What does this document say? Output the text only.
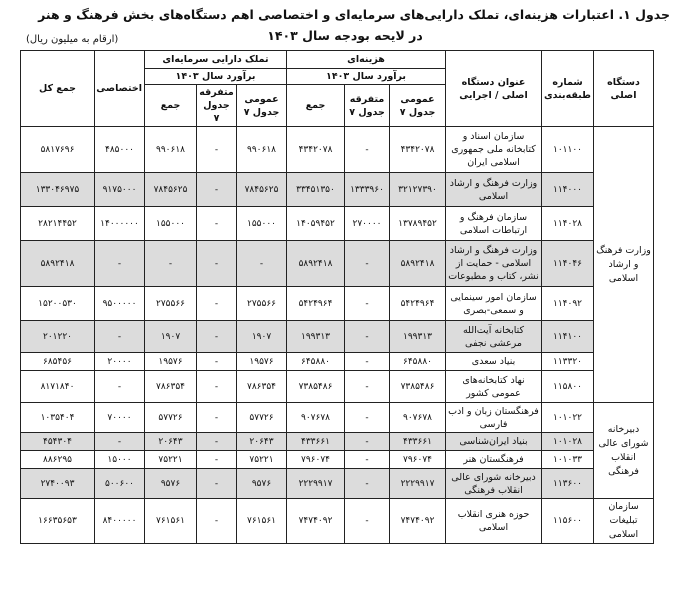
جدول ۱. اعتبارات هزینه‌ای، تملک دارایی‌های سرمایه‌ای و اختصاصی اهم دستگاه‌های بخش فرهنگ و هنر
در لایحه بودجه سال ۱۴۰۳
(ارقام به میلیون ریال)
دستگاه اصلی	شماره طبقه‌بندی	عنوان دستگاه اصلی / اجرایی	هزینه‌ای			تملک دارایی سرمایه‌ای			اختصاصی	جمع کل
			برآورد سال ۱۴۰۳			برآورد سال ۱۴۰۳				
			عمومی جدول ۷	متفرقه جدول ۷	جمع	عمومی جدول ۷	متفرقه جدول ۷	جمع		
وزارت فرهنگ و ارشاد اسلامی	۱۰۱۱۰۰	سازمان اسناد و کتابخانه ملی جمهوری اسلامی ایران	۴۳۴۲۰۷۸	-	۴۳۴۲۰۷۸	۹۹۰۶۱۸	-	۹۹۰۶۱۸	۴۸۵۰۰۰	۵۸۱۷۶۹۶
	۱۱۴۰۰۰	وزارت فرهنگ و ارشاد اسلامی	۳۲۱۲۷۳۹۰	۱۳۳۳۹۶۰	۳۳۴۵۱۳۵۰	۷۸۴۵۶۲۵	-	۷۸۴۵۶۲۵	۹۱۷۵۰۰۰	۱۳۳۰۴۶۹۷۵
	۱۱۴۰۲۸	سازمان فرهنگ و ارتباطات اسلامی	۱۳۷۸۹۴۵۲	۲۷۰۰۰۰	۱۴۰۵۹۴۵۲	۱۵۵۰۰۰	-	۱۵۵۰۰۰	۱۴۰۰۰۰۰۰	۲۸۲۱۴۴۵۲
	۱۱۴۰۴۶	وزارت فرهنگ و ارشاد اسلامی - حمایت از نشر، کتاب و مطبوعات	۵۸۹۲۴۱۸	-	۵۸۹۲۴۱۸	-	-	-	-	۵۸۹۲۴۱۸
	۱۱۴۰۹۲	سازمان امور سینمایی و سمعی-بصری	۵۴۲۴۹۶۴	-	۵۴۲۴۹۶۴	۲۷۵۵۶۶	-	۲۷۵۵۶۶	۹۵۰۰۰۰۰	۱۵۲۰۰۵۳۰
	۱۱۴۱۰۰	کتابخانه آیت‌الله مرعشی نجفی	۱۹۹۳۱۳	-	۱۹۹۳۱۳	۱۹۰۷	-	۱۹۰۷	-	۲۰۱۲۲۰
	۱۱۳۳۲۰	بنیاد سعدی	۶۴۵۸۸۰	-	۶۴۵۸۸۰	۱۹۵۷۶	-	۱۹۵۷۶	۲۰۰۰۰	۶۸۵۴۵۶
	۱۱۵۸۰۰	نهاد کتابخانه‌های عمومی کشور	۷۳۸۵۴۸۶	-	۷۳۸۵۴۸۶	۷۸۶۳۵۴	-	۷۸۶۳۵۴	-	۸۱۷۱۸۴۰
دبیرخانه شورای عالی انقلاب فرهنگی	۱۰۱۰۲۲	فرهنگستان زبان و ادب فارسی	۹۰۷۶۷۸	-	۹۰۷۶۷۸	۵۷۷۲۶	-	۵۷۷۲۶	۷۰۰۰۰	۱۰۳۵۴۰۴
	۱۰۱۰۲۸	بنیاد ایران‌شناسی	۴۳۳۶۶۱	-	۴۳۳۶۶۱	۲۰۶۴۳	-	۲۰۶۴۳	-	۴۵۴۳۰۴
	۱۰۱۰۳۳	فرهنگستان هنر	۷۹۶۰۷۴	-	۷۹۶۰۷۴	۷۵۲۲۱	-	۷۵۲۲۱	۱۵۰۰۰	۸۸۶۲۹۵
	۱۱۳۶۰۰	دبیرخانه شورای عالی انقلاب فرهنگی	۲۲۲۹۹۱۷	-	۲۲۲۹۹۱۷	۹۵۷۶	-	۹۵۷۶	۵۰۰۶۰۰	۲۷۴۰۰۹۳
سازمان تبلیغات اسلامی	۱۱۵۶۰۰	حوزه هنری انقلاب اسلامی	۷۴۷۴۰۹۲	-	۷۴۷۴۰۹۲	۷۶۱۵۶۱	-	۷۶۱۵۶۱	۸۴۰۰۰۰۰	۱۶۶۳۵۶۵۳
